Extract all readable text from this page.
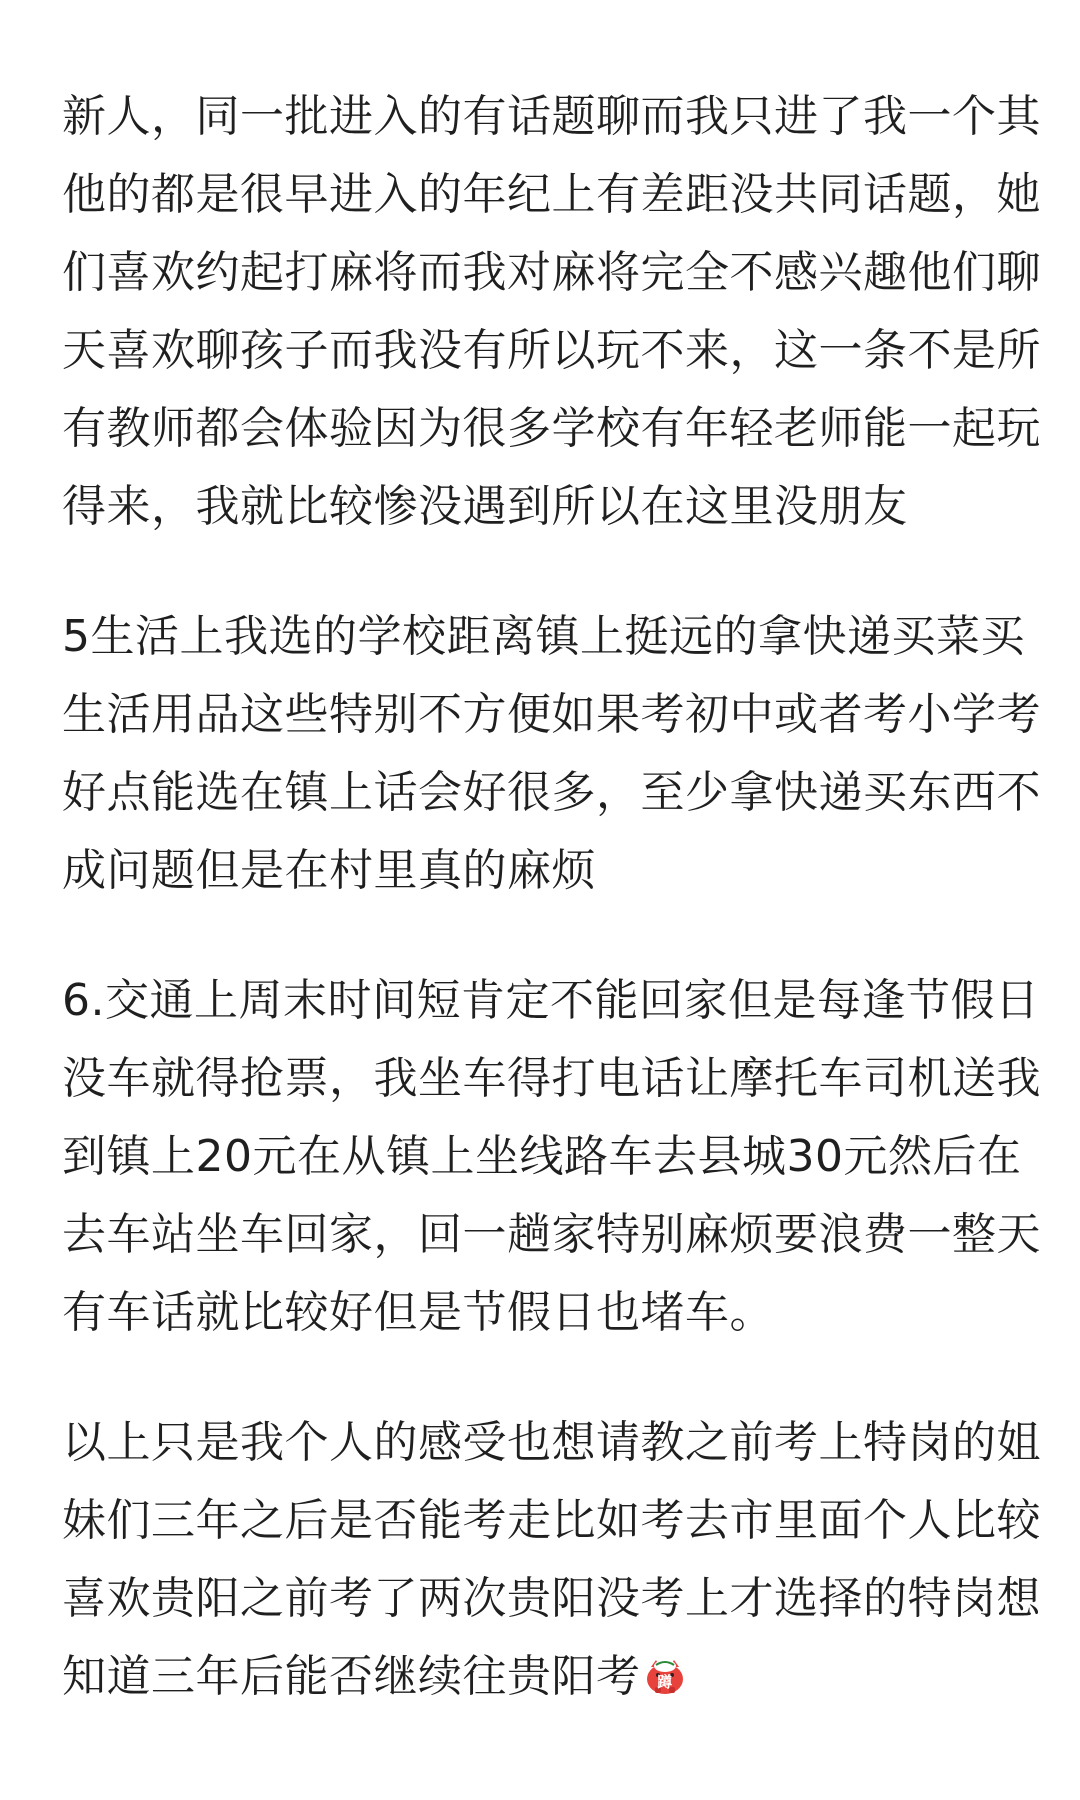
新人，同一批进入的有话题聊而我只进了我一个其
他的都是很早进入的年纪上有差距没共同话题，她
们喜欢约起打麻将而我对麻将完全不感兴趣他们聊
天喜欢聊孩子而我没有所以玩不来，这一条不是所
有教师都会体验因为很多学校有年轻老师能一起玩
得来，我就比较惨没遇到所以在这里没朋友
5生活上我选的学校距离镇上挺远的拿快递买菜买
生活用品这些特别不方便如果考初中或者考小学考
好点能选在镇上话会好很多，至少拿快递买东西不
成问题但是在村里真的麻烦
6.交通上周末时间短肯定不能回家但是每逢节假日
没车就得抢票，我坐车得打电话让摩托车司机送我
到镇上20元在从镇上坐线路车去县城30元然后在
去车站坐车回家，回一趟家特别麻烦要浪费一整天
有车话就比较好但是节假日也堵车。
以上只是我个人的感受也想请教之前考上特岗的姐
妹们三年之后是否能考走比如考去市里面个人比较
喜欢贵阳之前考了两次贵阳没考上才选择的特岗想
知道三年后能否继续往贵阳考 蹲
